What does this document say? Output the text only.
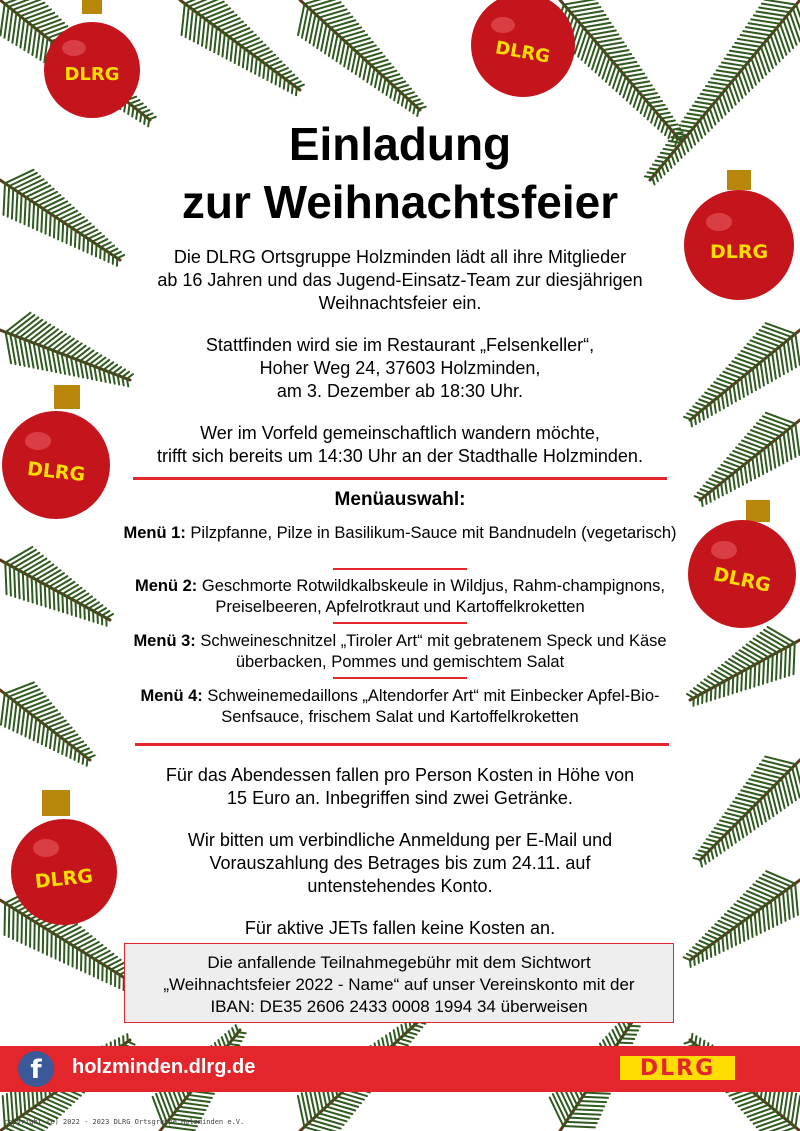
DLRG
DLRG
DLRG
DLRG
DLRG
DLRG
Einladung
zur Weihnachtsfeier
Die DLRG Ortsgruppe Holzminden lädt all ihre Mitglieder
ab 16 Jahren und das Jugend-Einsatz-Team zur diesjährigen
Weihnachtsfeier ein.
Stattfinden wird sie im Restaurant „Felsenkeller“,
Hoher Weg 24, 37603 Holzminden,
am 3. Dezember ab 18:30 Uhr.
Wer im Vorfeld gemeinschaftlich wandern möchte,
trifft sich bereits um 14:30 Uhr an der Stadthalle Holzminden.
Menüauswahl:
Menü 1: Pilzpfanne, Pilze in Basilikum-Sauce mit Bandnudeln (vegetarisch)
Menü 2: Geschmorte Rotwildkalbskeule in Wildjus, Rahm-champignons, Preiselbeeren, Apfelrotkraut und Kartoffelkroketten
Menü 3: Schweineschnitzel „Tiroler Art“ mit gebratenem Speck und Käse überbacken, Pommes und gemischtem Salat
Menü 4: Schweinemedaillons „Altendorfer Art“ mit Einbecker Apfel-Bio-Senfsauce, frischem Salat und Kartoffelkroketten
Für das Abendessen fallen pro Person Kosten in Höhe von
15 Euro an. Inbegriffen sind zwei Getränke.
Wir bitten um verbindliche Anmeldung per E-Mail und
Vorauszahlung des Betrages bis zum 24.11. auf
untenstehendes Konto.
Für aktive JETs fallen keine Kosten an.
Die anfallende Teilnahmegebühr mit dem Sichtwort
„Weihnachtsfeier 2022 - Name“ auf unser Vereinskonto mit der
IBAN: DE35 2606 2433 0008 1994 34 überweisen
f	holzminden.dlrg.de	DLRG
copyright (c) 2022 - 2023 DLRG Ortsgruppe Holzminden e.V.
